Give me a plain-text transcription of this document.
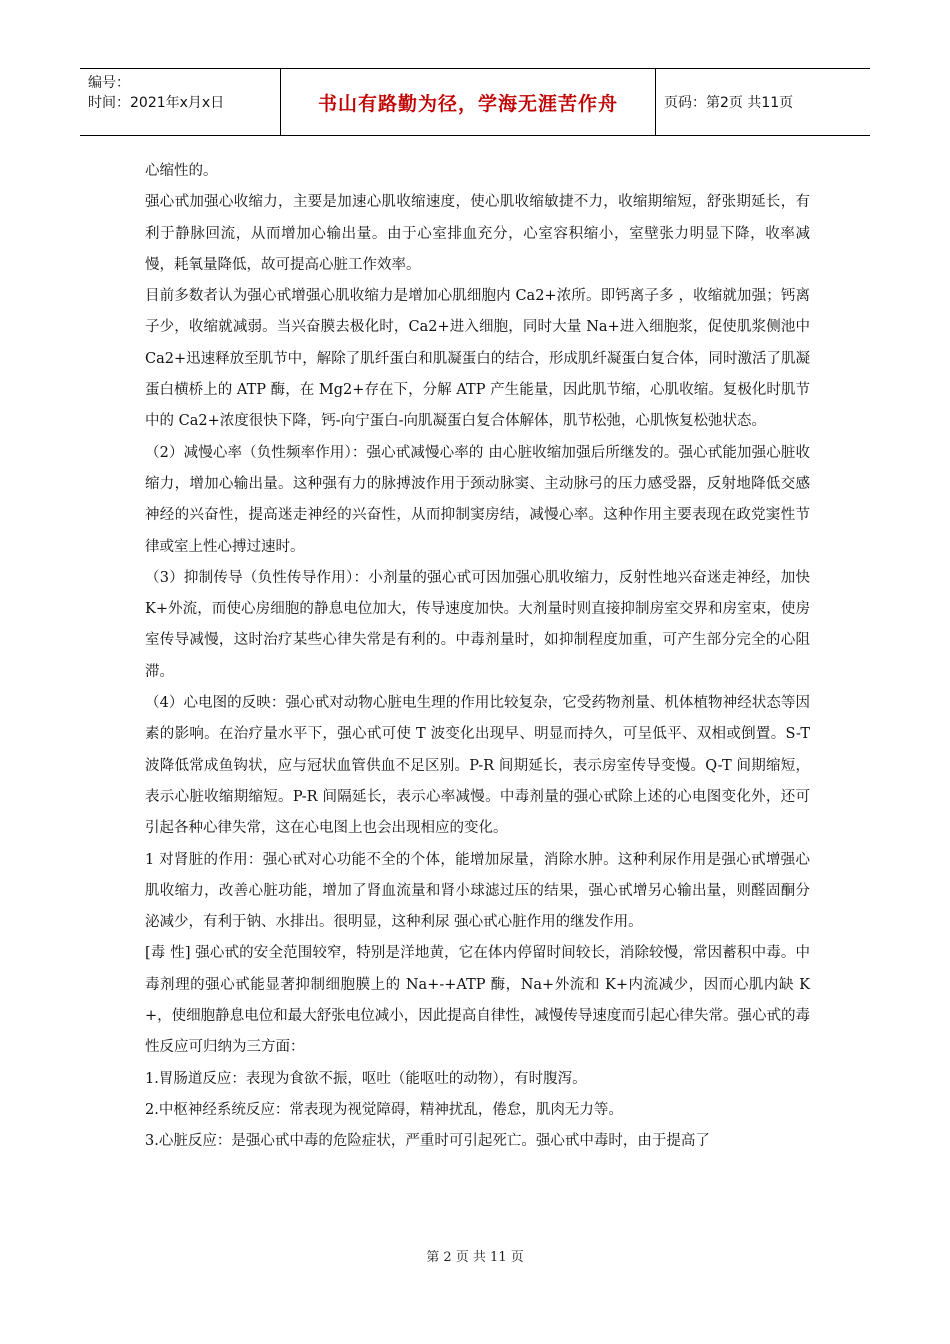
编号：
时间：2021年x月x日	书山有路勤为径，学海无涯苦作舟	页码：第2页 共11页

心缩性的。

强心甙加强心收缩力，主要是加速心肌收缩速度，使心肌收缩敏捷不力，收缩期缩短，舒张期延长，有利于静脉回流，从而增加心输出量。由于心室排血充分，心室容积缩小，室壁张力明显下降，收率减慢，耗氧量降低，故可提高心脏工作效率。

目前多数者认为强心甙增强心肌收缩力是增加心肌细胞内 Ca2+浓所。即钙离子多 ，收缩就加强；钙离子少，收缩就减弱。当兴奋膜去极化时，Ca2+进入细胞，同时大量 Na+进入细胞浆，促使肌浆侧池中 Ca2+迅速释放至肌节中，解除了肌纤蛋白和肌凝蛋白的结合，形成肌纤凝蛋白复合体，同时激活了肌凝蛋白横桥上的 ATP 酶，在 Mg2+存在下，分解 ATP 产生能量，因此肌节缩，心肌收缩。复极化时肌节中的 Ca2+浓度很快下降，钙-向宁蛋白-向肌凝蛋白复合体解体，肌节松弛，心肌恢复松弛状态。

（2）减慢心率（负性频率作用）：强心甙减慢心率的 由心脏收缩加强后所继发的。强心甙能加强心脏收缩力，增加心输出量。这种强有力的脉搏波作用于颈动脉窦、主动脉弓的压力感受器，反射地降低交感神经的兴奋性，提高迷走神经的兴奋性，从而抑制窦房结，减慢心率。这种作用主要表现在政党窦性节律或室上性心搏过速时。

（3）抑制传导（负性传导作用）：小剂量的强心甙可因加强心肌收缩力，反射性地兴奋迷走神经，加快 K+外流，而使心房细胞的静息电位加大，传导速度加快。大剂量时则直接抑制房室交界和房室束，使房室传导减慢，这时治疗某些心律失常是有利的。中毒剂量时，如抑制程度加重，可产生部分完全的心阻滞。

（4）心电图的反映：强心甙对动物心脏电生理的作用比较复杂，它受药物剂量、机体植物神经状态等因素的影响。在治疗量水平下，强心甙可使 T 波变化出现早、明显而持久，可呈低平、双相或倒置。S-T 波降低常成鱼钩状，应与冠状血管供血不足区别。P-R 间期延长，表示房室传导变慢。Q-T 间期缩短，表示心脏收缩期缩短。P-R 间隔延长，表示心率减慢。中毒剂量的强心甙除上述的心电图变化外，还可引起各种心律失常，这在心电图上也会出现相应的变化。

1 对肾脏的作用：强心甙对心功能不全的个体，能增加尿量，消除水肿。这种利尿作用是强心甙增强心肌收缩力，改善心脏功能，增加了肾血流量和肾小球滤过压的结果，强心甙增另心输出量，则醛固酮分泌减少，有利于钠、水排出。很明显，这种利尿 强心甙心脏作用的继发作用。

[毒 性] 强心甙的安全范围较窄，特别是洋地黄，它在体内停留时间较长，消除较慢，常因蓄积中毒。中毒剂理的强心甙能显著抑制细胞膜上的 Na+-+ATP 酶，Na+外流和 K+内流减少，因而心肌内缺 K+，使细胞静息电位和最大舒张电位减小，因此提高自律性，减慢传导速度而引起心律失常。强心甙的毒性反应可归纳为三方面：

1.胃肠道反应：表现为食欲不振，呕吐（能呕吐的动物），有时腹泻。

2.中枢神经系统反应：常表现为视觉障碍，精神扰乱，倦怠，肌肉无力等。

3.心脏反应：是强心甙中毒的危险症状，严重时可引起死亡。强心甙中毒时，由于提高了

第 2 页 共 11 页
